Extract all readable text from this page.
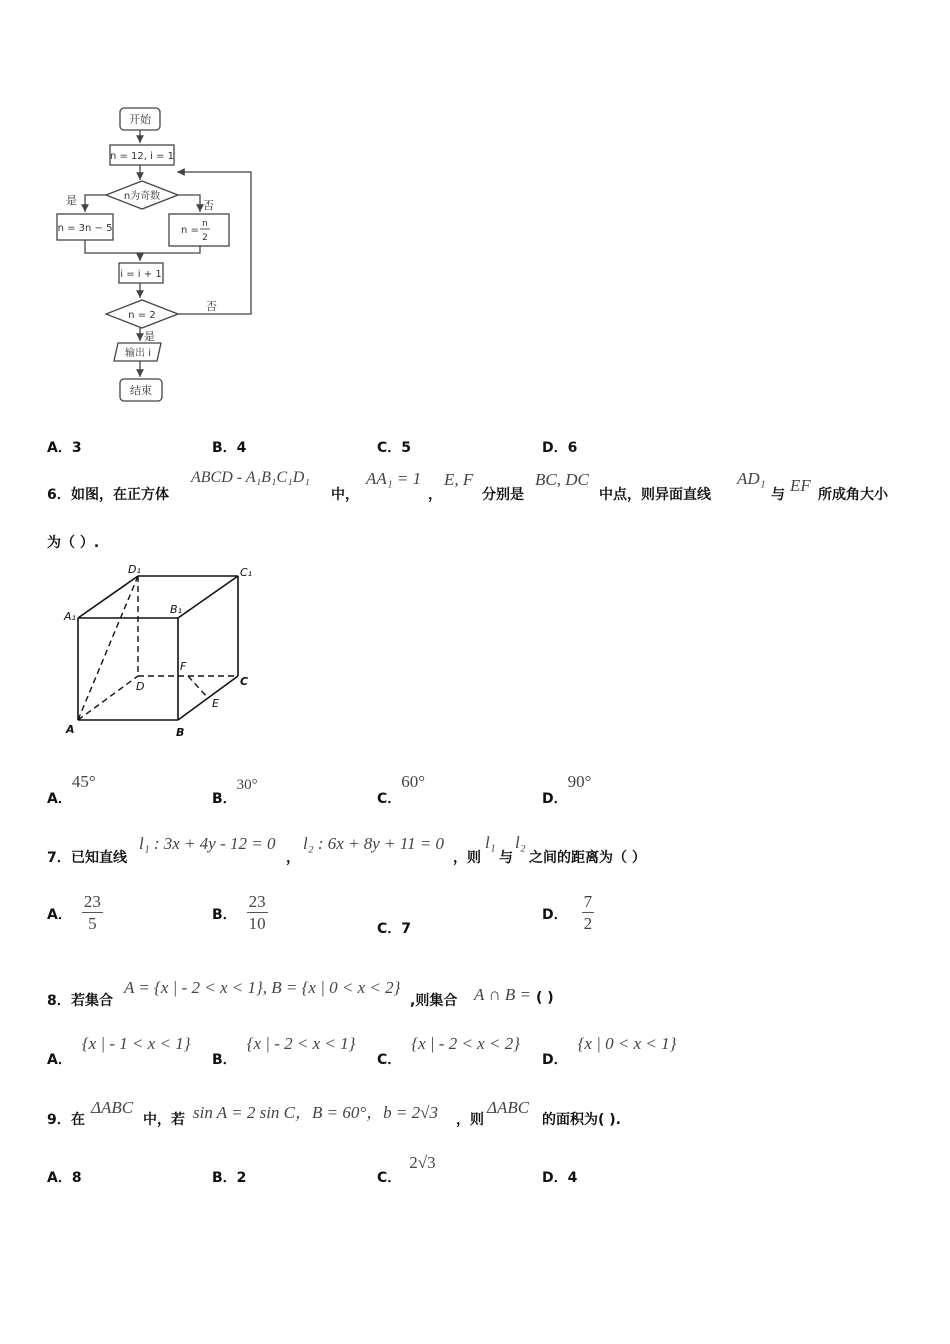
开始
n = 12, i = 1
n为奇数
是	否
n = 3n − 5	n =
n
2
i = i + 1
n = 2
否
是
输出 i
结束
A．3	B．4	C．5	D．6
6． 如图，在正方体
ABCD - A₁B₁C₁D₁
中，
AA₁ = 1
，
E, F
分别是
BC, DC
中点，则异面直线
AD₁
与 EF 所成角大小
为（ ）.
A	B
C
D
A₁
B₁
C₁
D₁
E
F
A．45°
B．30°
C．60°
D．90°
7． 已知直线
l₁ : 3x + 4y - 12 = 0
，
l₂ : 6x + 8y + 11 = 0
，则
l₁
与
l₂
之间的距离为（ ）
A． $\frac{23}{5}$	B． $\frac{23}{10}$	C．7
D． $\frac{7}{2}$
8． 若集合
A = {x | - 2 < x < 1}, B = {x | 0 < x < 2}
,则集合 A ∩ B = ( )
A．{x | - 1 < x < 1}
B．{x | - 2 < x < 1}
C．{x | - 2 < x < 2}
D．{x | 0 < x < 1}
9． 在
ΔABC
中，若 sin A = 2 sin C，B = 60°，b = 2√3 ，则
ΔABC
的面积为( ).
A．8	B．2	C．2√3
D．4
